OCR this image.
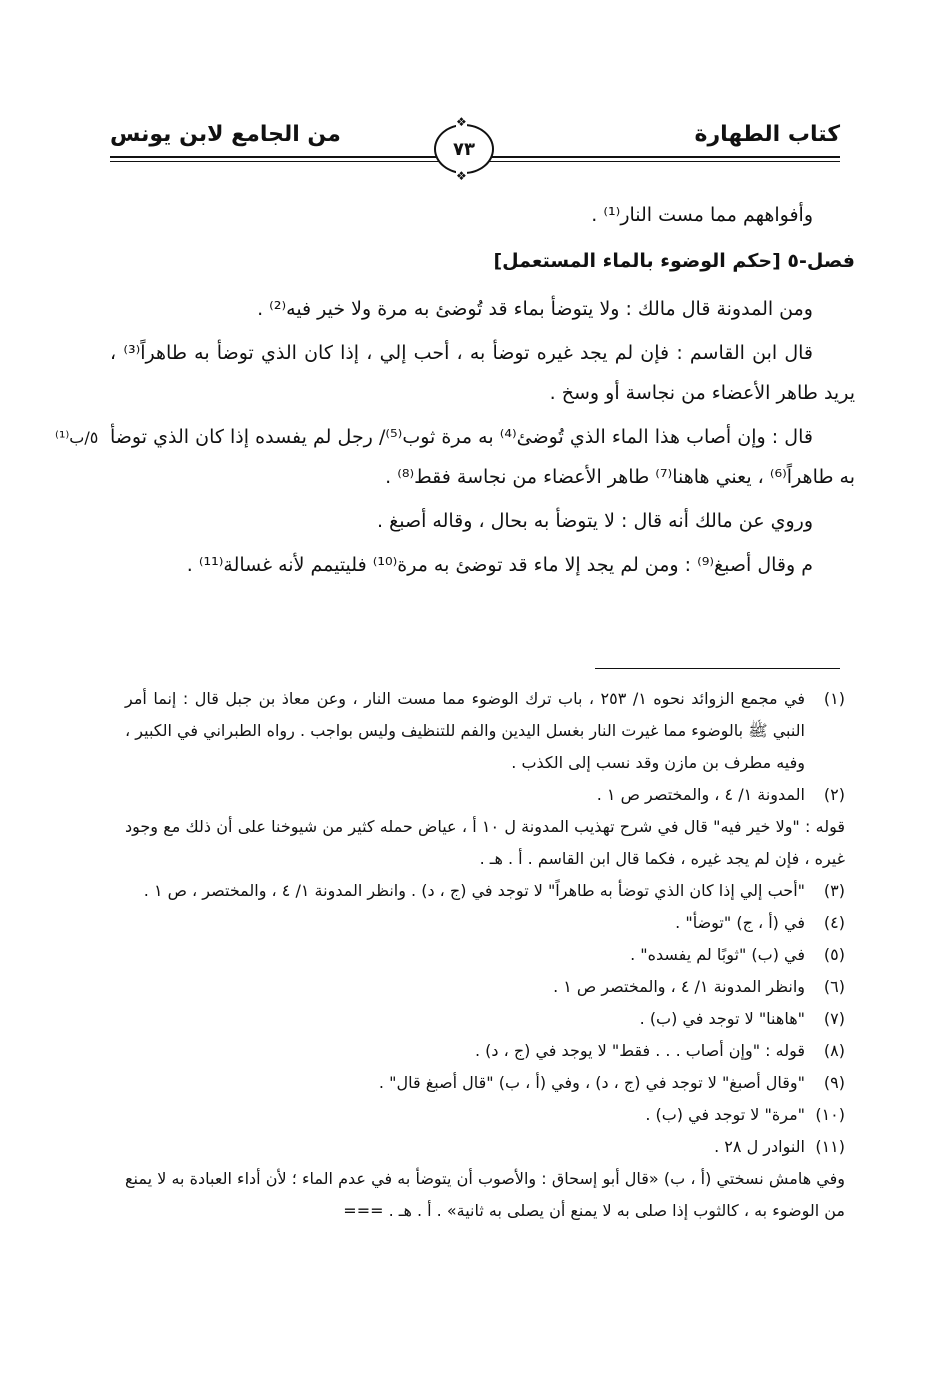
كتاب الطهارة
من الجامع لابن يونس
❖ ٧٣ ❖

وأفواههم مما مست النار⁽¹⁾ .

فصل-٥ [حكم الوضوء بالماء المستعمل]

ومن المدونة قال مالك : ولا يتوضأ بماء قد تُوضئ به مرة ولا خير فيه⁽²⁾ .

قال ابن القاسم : فإن لم يجد غيره توضأ به ، أحب إلي ، إذا كان الذي توضأ به طاهراً⁽³⁾ ، يريد طاهر الأعضاء من نجاسة أو وسخ .

قال : وإن أصاب هذا الماء الذي تُوضئ⁽⁴⁾ به مرة ثوب⁽⁵⁾/ رجل لم يفسده إذا كان الذي توضأ به طاهراً⁽⁶⁾ ، يعني هاهنا⁽⁷⁾ طاهر الأعضاء من نجاسة فقط⁽⁸⁾ .

وروي عن مالك أنه قال : لا يتوضأ به بحال ، وقاله أصبغ .

م وقال أصبغ⁽⁹⁾ : ومن لم يجد إلا ماء قد توضئ به مرة⁽¹⁰⁾ فليتيمم لأنه غسالة⁽¹¹⁾ .

٥/ب⁽¹⁾
(١)
في مجمع الزوائد نحوه ١/ ٢٥٣ ، باب ترك الوضوء مما مست النار ، وعن معاذ بن جبل قال : إنما أمر النبي ﷺ بالوضوء مما غيرت النار بغسل اليدين والفم للتنظيف وليس بواجب . رواه الطبراني في الكبير ، وفيه مطرف بن مازن وقد نسب إلى الكذب .
(٢)
المدونة ١/ ٤ ، والمختصر ص ١ .

قوله : "ولا خير فيه" قال في شرح تهذيب المدونة ل ١٠ أ ، عياض حمله كثير من شيوخنا على أن ذلك مع وجود غيره ، فإن لم يجد غيره ، فكما قال ابن القاسم . أ . هـ .

(٣)
"أحب إلي إذا كان الذي توضأ به طاهراً" لا توجد في (ج ، د) . وانظر المدونة ١/ ٤ ، والمختصر ، ص ١ .
(٤)
في (أ ، ج) "توضأ" .
(٥)
في (ب) "ثوبًا لم يفسده" .
(٦)
وانظر المدونة ١/ ٤ ، والمختصر ص ١ .
(٧)
"هاهنا" لا توجد في (ب) .
(٨)
قوله : "وإن أصاب . . . فقط" لا يوجد في (ج ، د) .
(٩)
"وقال أصبغ" لا توجد في (ج ، د) ، وفي (أ ، ب) "قال أصبغ قال" .
(١٠)
"مرة" لا توجد في (ب) .
(١١)
النوادر ل ٢٨ .

وفي هامش نسختي (أ ، ب) «قال أبو إسحاق : والأصوب أن يتوضأ به في عدم الماء ؛ لأن أداء العبادة به لا يمنع من الوضوء به ، كالثوب إذا صلى به لا يمنع أن يصلى به ثانية» . أ . هـ . ===
